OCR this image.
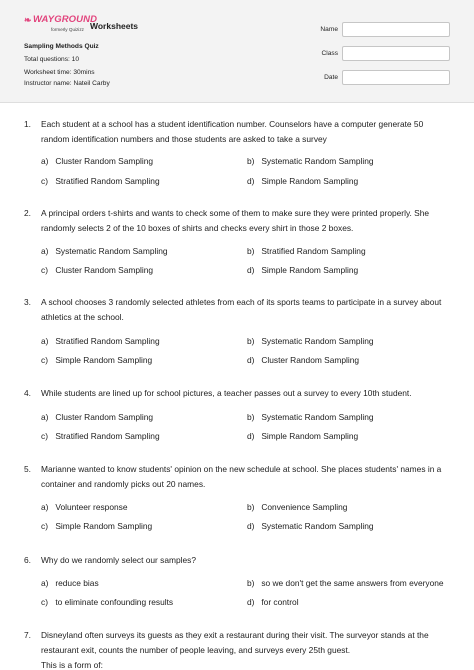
❧ WAYGROUND
formerly Quizizz Worksheets
Sampling Methods Quiz
Total questions: 10
Worksheet time: 30mins
Instructor name: Nateil Carby
Name
Class
Date
1. Each student at a school has a student identification number. Counselors have a computer generate 50 random identification numbers and those students are asked to take a survey
a) Cluster Random Sampling	b) Systematic Random Sampling
c) Stratified Random Sampling	d) Simple Random Sampling
2. A principal orders t-shirts and wants to check some of them to make sure they were printed properly. She randomly selects 2 of the 10 boxes of shirts and checks every shirt in those 2 boxes.
a) Systematic Random Sampling	b) Stratified Random Sampling
c) Cluster Random Sampling	d) Simple Random Sampling
3. A school chooses 3 randomly selected athletes from each of its sports teams to participate in a survey about athletics at the school.
a) Stratified Random Sampling	b) Systematic Random Sampling
c) Simple Random Sampling	d) Cluster Random Sampling
4. While students are lined up for school pictures, a teacher passes out a survey to every 10th student.
a) Cluster Random Sampling	b) Systematic Random Sampling
c) Stratified Random Sampling	d) Simple Random Sampling
5. Marianne wanted to know students' opinion on the new schedule at school. She places students' names in a container and randomly picks out 20 names.
a) Volunteer response	b) Convenience Sampling
c) Simple Random Sampling	d) Systematic Random Sampling
6. Why do we randomly select our samples?
a) reduce bias	b) so we don't get the same answers from everyone
c) to eliminate confounding results	d) for control
7. Disneyland often surveys its guests as they exit a restaurant during their visit. The surveyor stands at the
restaurant exit, counts the number of people leaving, and surveys every 25th guest.
This is a form of:
